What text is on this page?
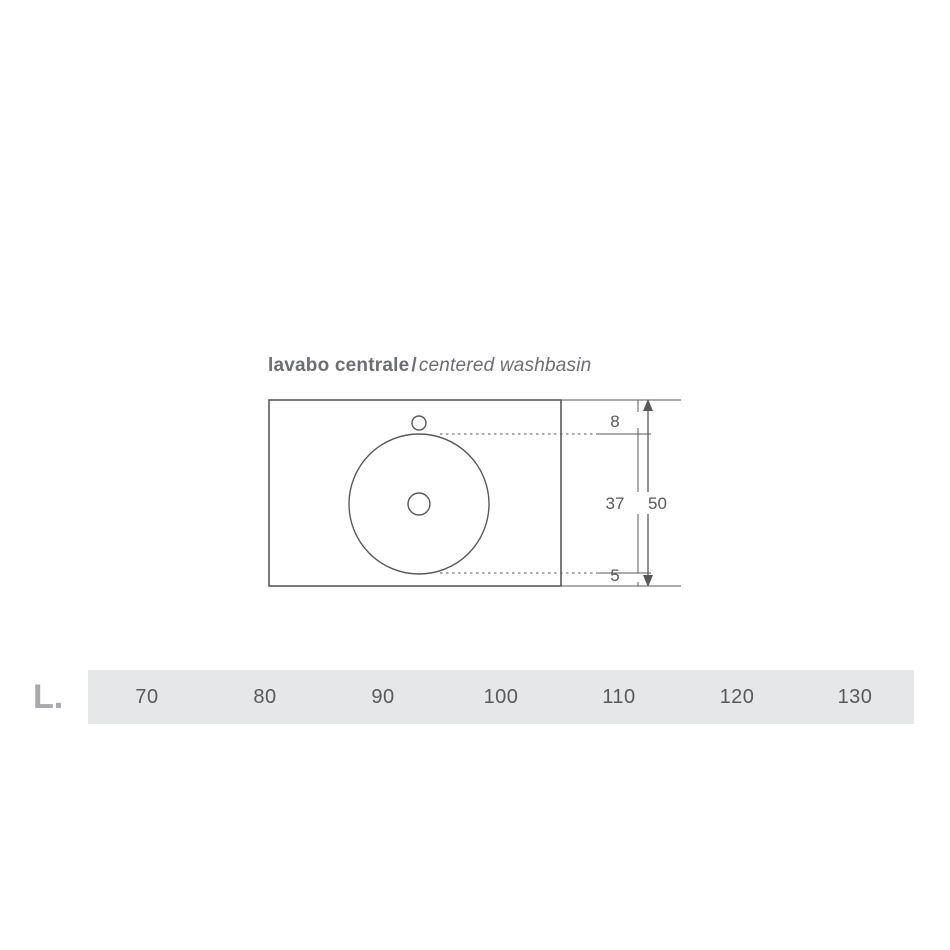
lavabo centrale / centered washbasin
8
37
5
50
L.	70	80	90	100	110	120	130
